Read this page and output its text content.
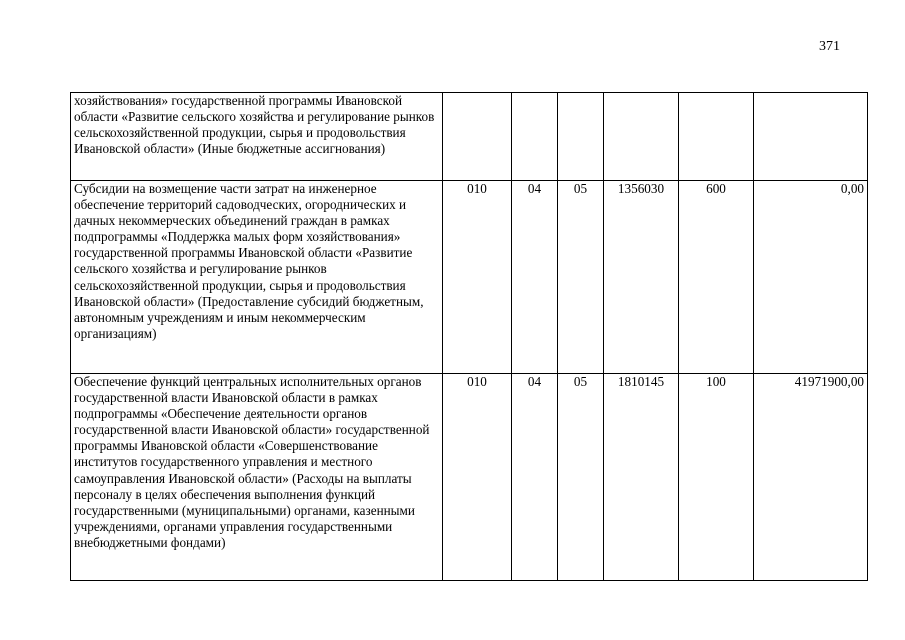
371
хозяйствования» государственной программы Ивановской области «Развитие сельского хозяйства и регулирование рынков сельскохозяйственной продукции, сырья и продовольствия Ивановской области» (Иные бюджетные ассигнования)						
Субсидии на возмещение части затрат на инженерное обеспечение территорий садоводческих, огороднических и дачных некоммерческих объединений граждан в рамках подпрограммы «Поддержка малых форм хозяйствования» государственной программы Ивановской области «Развитие сельского хозяйства и регулирование рынков сельскохозяйственной продукции, сырья и продовольствия Ивановской области» (Предоставление субсидий бюджетным, автономным учреждениям и иным некоммерческим организациям)	010	04	05	1356030	600	0,00
Обеспечение функций центральных исполнительных органов государственной власти Ивановской области в рамках подпрограммы «Обеспечение деятельности органов государственной власти Ивановской области» государственной программы Ивановской области «Совершенствование институтов государственного управления и местного самоуправления Ивановской области» (Расходы на выплаты персоналу в целях обеспечения выполнения функций государственными (муниципальными) органами, казенными учреждениями, органами управления государственными внебюджетными фондами)	010	04	05	1810145	100	41971900,00
